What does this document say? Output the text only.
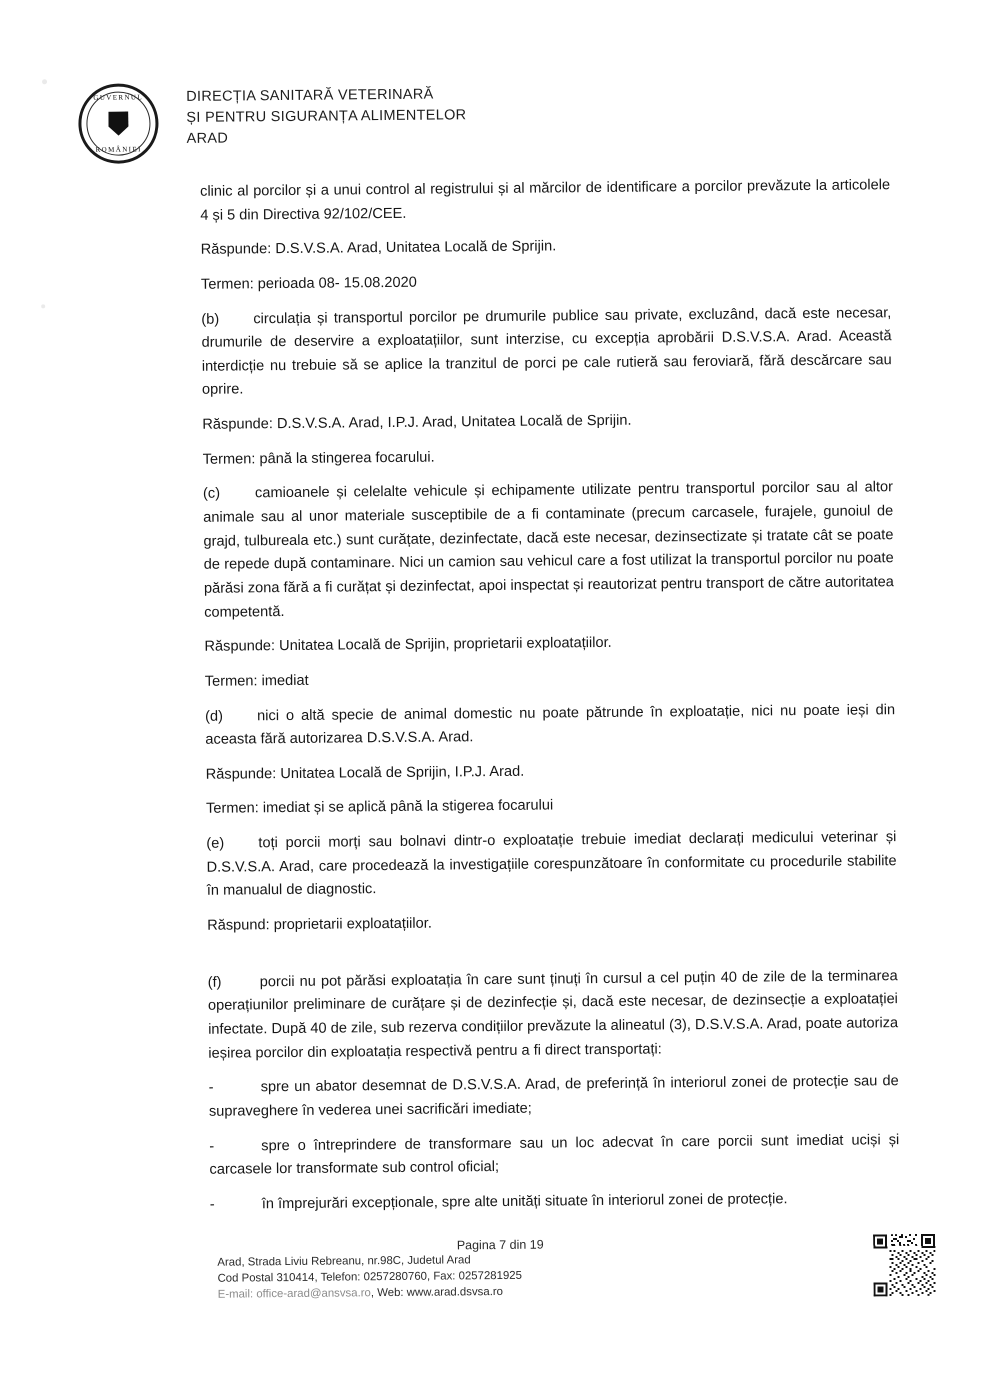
GUVERNUL
ROMÂNIEI
DIRECȚIA SANITARĂ VETERINARĂ
ȘI PENTRU SIGURANȚA ALIMENTELOR
ARAD

clinic al porcilor și a unui control al registrului și al mărcilor de identificare a porcilor prevăzute la articolele 4 și 5 din Directiva 92/102/CEE.

Răspunde: D.S.V.S.A. Arad, Unitatea Locală de Sprijin.

Termen: perioada 08- 15.08.2020

(b) circulația și transportul porcilor pe drumurile publice sau private, excluzând, dacă este necesar, drumurile de deservire a exploatațiilor, sunt interzise, cu excepția aprobării D.S.V.S.A. Arad. Această interdicție nu trebuie să se aplice la tranzitul de porci pe cale rutieră sau feroviară, fără descărcare sau oprire.

Răspunde: D.S.V.S.A. Arad, I.P.J. Arad, Unitatea Locală de Sprijin.

Termen: până la stingerea focarului.

(c) camioanele și celelalte vehicule și echipamente utilizate pentru transportul porcilor sau al altor animale sau al unor materiale susceptibile de a fi contaminate (precum carcasele, furajele, gunoiul de grajd, tulbureala etc.) sunt curățate, dezinfectate, dacă este necesar, dezinsectizate și tratate cât se poate de repede după contaminare. Nici un camion sau vehicul care a fost utilizat la transportul porcilor nu poate părăsi zona fără a fi curățat și dezinfectat, apoi inspectat și reautorizat pentru transport de către autoritatea competentă.

Răspunde: Unitatea Locală de Sprijin, proprietarii exploatațiilor.

Termen: imediat

(d) nici o altă specie de animal domestic nu poate pătrunde în exploatație, nici nu poate ieși din aceasta fără autorizarea D.S.V.S.A. Arad.

Răspunde: Unitatea Locală de Sprijin, I.P.J. Arad.

Termen: imediat și se aplică până la stigerea focarului

(e) toți porcii morți sau bolnavi dintr-o exploatație trebuie imediat declarați medicului veterinar și D.S.V.S.A. Arad, care procedează la investigațiile corespunzătoare în conformitate cu procedurile stabilite în manualul de diagnostic.

Răspund: proprietarii exploatațiilor.

(f)	porcii nu pot părăsi exploatația în care sunt ținuți în cursul a cel puțin 40 de zile de la terminarea operațiunilor preliminare de curățare și de dezinfecție și, dacă este necesar, de dezinsecție a exploatației infectate. După 40 de zile, sub rezerva condițiilor prevăzute la alineatul (3), D.S.V.S.A. Arad, poate autoriza ieșirea porcilor din exploatația respectivă pentru a fi direct transportați:

-	spre un abator desemnat de D.S.V.S.A. Arad, de preferință în interiorul zonei de protecție sau de supraveghere în vederea unei sacrificări imediate;

-	spre o întreprindere de transformare sau un loc adecvat în care porcii sunt imediat uciși și carcasele lor transformate sub control oficial;

-	în împrejurări excepționale, spre alte unități situate în interiorul zonei de protecție.

Pagina 7 din 19
Arad, Strada Liviu Rebreanu, nr.98C, Judetul Arad
Cod Postal 310414, Telefon: 0257280760, Fax: 0257281925
E-mail: office-arad@ansvsa.ro, Web: www.arad.dsvsa.ro
